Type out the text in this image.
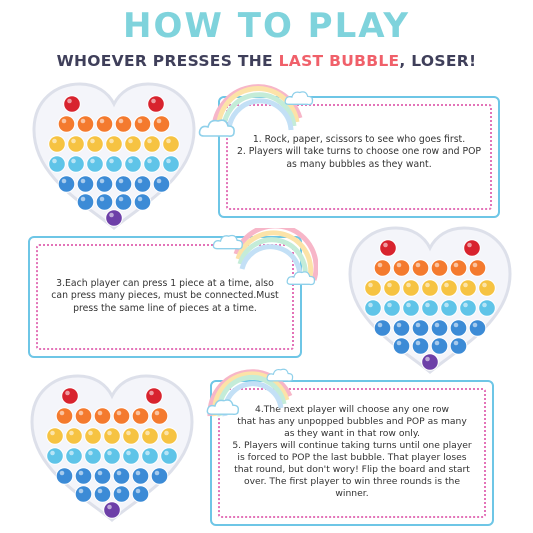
HOW TO PLAY
WHOEVER PRESSES THE LAST BUBBLE, LOSER!
1. Rock, paper, scissors to see who goes first.
2. Players will take turns to choose one row and POP
as many bubbles as they want.
3.Each player can press 1 piece at a time, also
can press many pieces, must be connected.Must
press the same line of pieces at a time.
4.The next player will choose any one row
that has any unpopped bubbles and POP as many
as they want in that row only.
5. Players will continue taking turns until one player
is forced to POP the last bubble. That player loses
that round, but don't wory! Flip the board and start
over. The first player to win three rounds is the
winner.
